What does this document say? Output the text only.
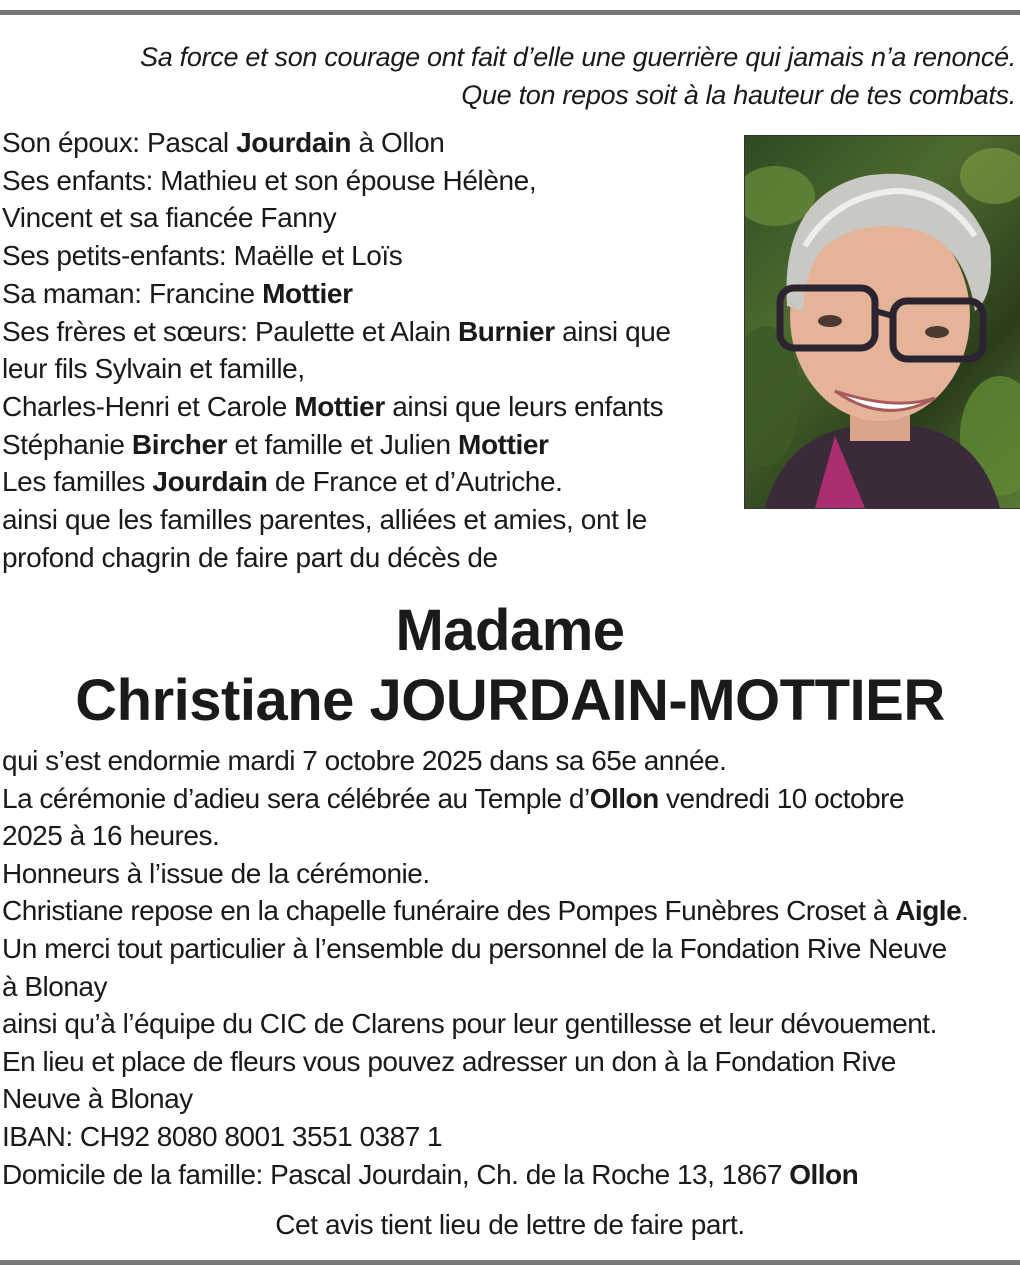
Sa force et son courage ont fait d’elle une guerrière qui jamais n’a renoncé.
Que ton repos soit à la hauteur de tes combats.
Son époux: Pascal Jourdain à Ollon
Ses enfants: Mathieu et son épouse Hélène,
Vincent et sa fiancée Fanny
Ses petits-enfants: Maëlle et Loïs
Sa maman: Francine Mottier
Ses frères et sœurs: Paulette et Alain Burnier ainsi que
leur fils Sylvain et famille,
Charles-Henri et Carole Mottier ainsi que leurs enfants
Stéphanie Bircher et famille et Julien Mottier
Les familles Jourdain de France et d’Autriche.
ainsi que les familles parentes, alliées et amies, ont le
profond chagrin de faire part du décès de
Madame
Christiane JOURDAIN-MOTTIER
qui s’est endormie mardi 7 octobre 2025 dans sa 65e année.
La cérémonie d’adieu sera célébrée au Temple d’Ollon vendredi 10 octobre
2025 à 16 heures.
Honneurs à l’issue de la cérémonie.
Christiane repose en la chapelle funéraire des Pompes Funèbres Croset à Aigle.
Un merci tout particulier à l’ensemble du personnel de la Fondation Rive Neuve
à Blonay
ainsi qu’à l’équipe du CIC de Clarens pour leur gentillesse et leur dévouement.
En lieu et place de fleurs vous pouvez adresser un don à la Fondation Rive
Neuve à Blonay
IBAN: CH92 8080 8001 3551 0387 1
Domicile de la famille: Pascal Jourdain, Ch. de la Roche 13, 1867 Ollon
Cet avis tient lieu de lettre de faire part.
